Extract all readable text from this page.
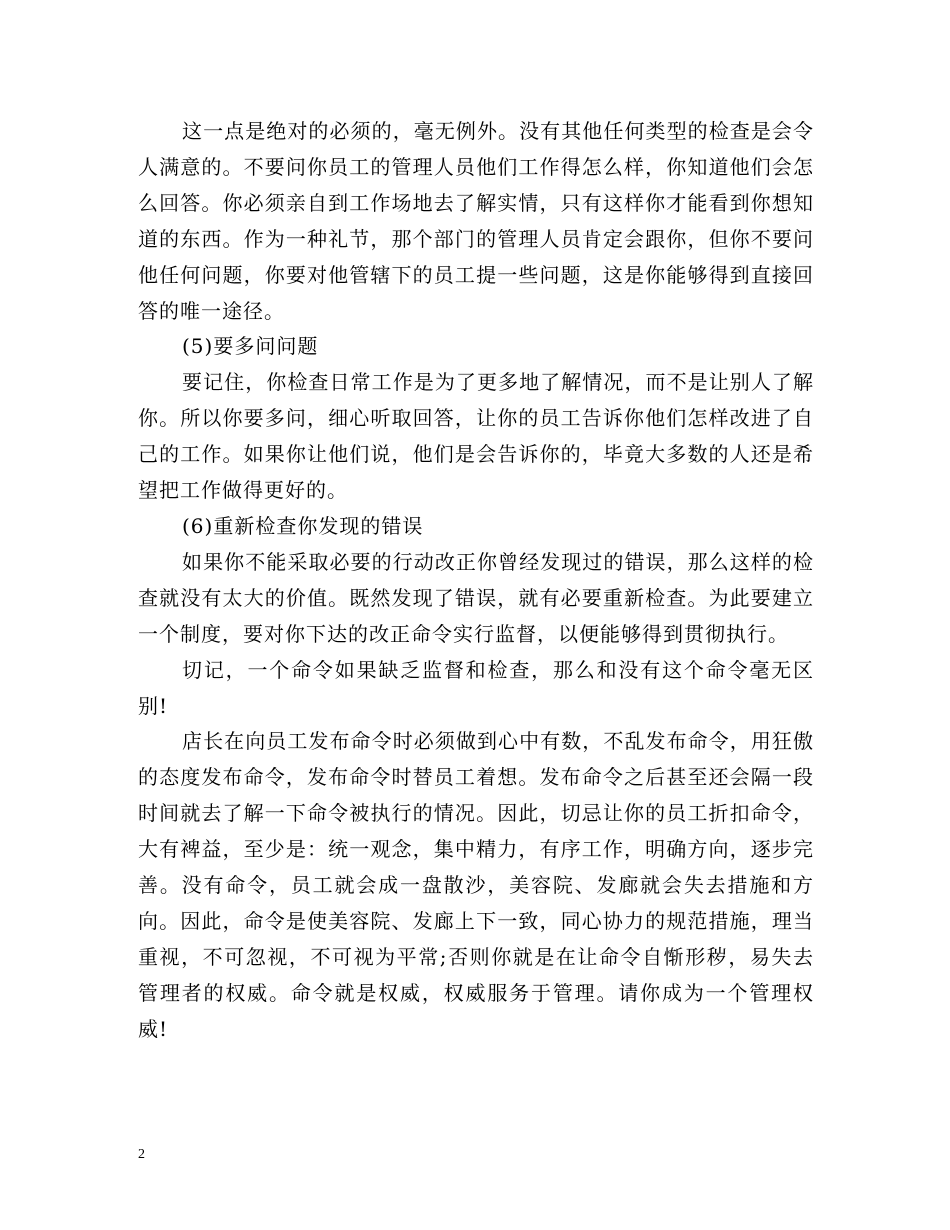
这一点是绝对的必须的，毫无例外。没有其他任何类型的检查是会令人满意的。不要问你员工的管理人员他们工作得怎么样，你知道他们会怎么回答。你必须亲自到工作场地去了解实情，只有这样你才能看到你想知道的东西。作为一种礼节，那个部门的管理人员肯定会跟你，但你不要问他任何问题，你要对他管辖下的员工提一些问题，这是你能够得到直接回答的唯一途径。

(5)要多问问题

要记住，你检查日常工作是为了更多地了解情况，而不是让别人了解你。所以你要多问，细心听取回答，让你的员工告诉你他们怎样改进了自己的工作。如果你让他们说，他们是会告诉你的，毕竟大多数的人还是希望把工作做得更好的。

(6)重新检查你发现的错误

如果你不能采取必要的行动改正你曾经发现过的错误，那么这样的检查就没有太大的价值。既然发现了错误，就有必要重新检查。为此要建立一个制度，要对你下达的改正命令实行监督，以便能够得到贯彻执行。

切记，一个命令如果缺乏监督和检查，那么和没有这个命令毫无区别!

店长在向员工发布命令时必须做到心中有数，不乱发布命令，用狂傲的态度发布命令，发布命令时替员工着想。发布命令之后甚至还会隔一段时间就去了解一下命令被执行的情况。因此，切忌让你的员工折扣命令，大有裨益，至少是：统一观念，集中精力，有序工作，明确方向，逐步完善。没有命令，员工就会成一盘散沙，美容院、发廊就会失去措施和方向。因此，命令是使美容院、发廊上下一致，同心协力的规范措施，理当重视，不可忽视，不可视为平常;否则你就是在让命令自惭形秽，易失去管理者的权威。命令就是权威，权威服务于管理。请你成为一个管理权威!

2
